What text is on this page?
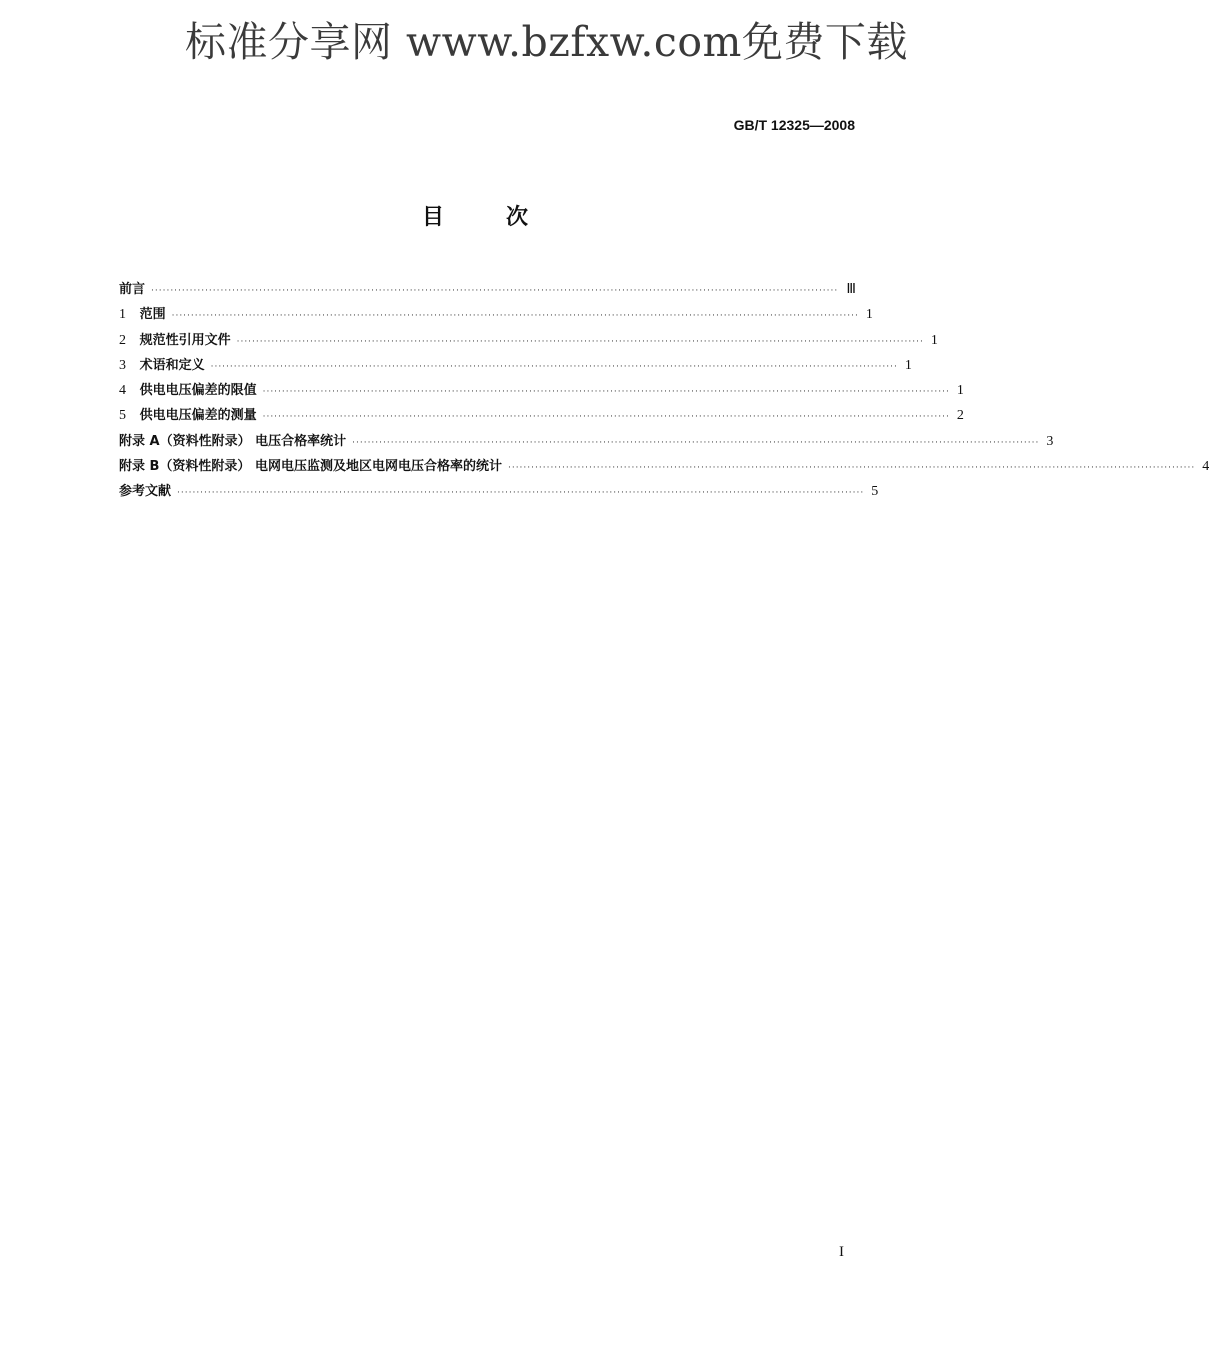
标准分享网 www.bzfxw.com免费下载
GB/T 12325—2008
目次
前言 ·················································································································································································· Ⅲ
1 范围 ·················································································································································································· 1
2 规范性引用文件 ·················································································································································································· 1
3 术语和定义 ·················································································································································································· 1
4 供电电压偏差的限值 ·················································································································································································· 1
5 供电电压偏差的测量 ·················································································································································································· 2
附录 A（资料性附录） 电压合格率统计 ·················································································································································································· 3
附录 B（资料性附录） 电网电压监测及地区电网电压合格率的统计 ·················································································································································································· 4
参考文献 ·················································································································································································· 5
I
